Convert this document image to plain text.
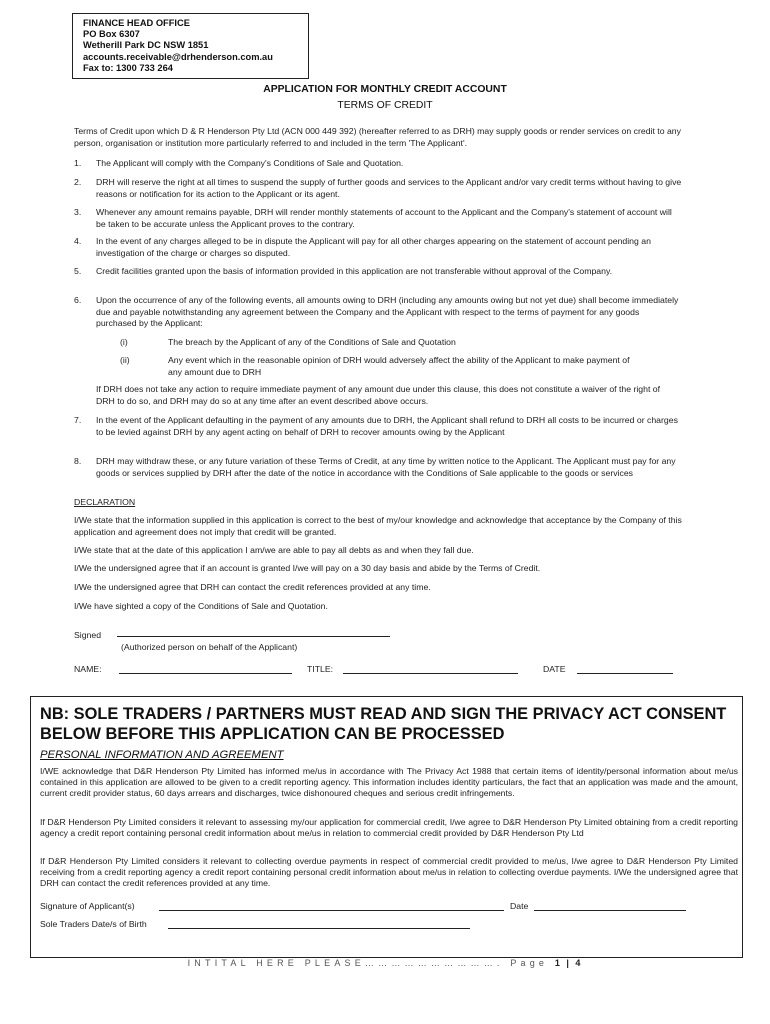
FINANCE HEAD OFFICE
PO Box 6307
Wetherill Park DC NSW 1851
accounts.receivable@drhenderson.com.au
Fax to: 1300 733 264
APPLICATION FOR MONTHLY CREDIT ACCOUNT
TERMS OF CREDIT
Terms of Credit upon which D & R Henderson Pty Ltd (ACN 000 449 392) (hereafter referred to as DRH) may supply goods or render services on credit to any person, organisation or institution more particularly referred to and included in the term 'The Applicant'.
1.	The Applicant will comply with the Company's Conditions of Sale and Quotation.
2.	DRH will reserve the right at all times to suspend the supply of further goods and services to the Applicant and/or vary credit terms without having to give reasons or notification for its action to the Applicant or its agent.
3.	Whenever any amount remains payable, DRH will render monthly statements of account to the Applicant and the Company's statement of account will be taken to be accurate unless the Applicant proves to the contrary.
4.	In the event of any charges alleged to be in dispute the Applicant will pay for all other charges appearing on the statement of account pending an investigation of the charge or charges so disputed.
5.	Credit facilities granted upon the basis of information provided in this application are not transferable without approval of the Company.
6.	Upon the occurrence of any of the following events, all amounts owing to DRH (including any amounts owing but not yet due) shall become immediately due and payable notwithstanding any agreement between the Company and the Applicant with respect to the terms of payment for any goods purchased by the Applicant:
(i)	The breach by the Applicant of any of the Conditions of Sale and Quotation
(ii)	Any event which in the reasonable opinion of DRH would adversely affect the ability of the Applicant to make payment of any amount due to DRH
If DRH does not take any action to require immediate payment of any amount due under this clause, this does not constitute a waiver of the right of DRH to do so, and DRH may do so at any time after an event described above occurs.
7.	In the event of the Applicant defaulting in the payment of any amounts due to DRH, the Applicant shall refund to DRH all costs to be incurred or charges to be levied against DRH by any agent acting on behalf of DRH to recover amounts owing by the Applicant
8.	DRH may withdraw these, or any future variation of these Terms of Credit, at any time by written notice to the Applicant. The Applicant must pay for any goods or services supplied by DRH after the date of the notice in accordance with the Conditions of Sale applicable to the goods or services
DECLARATION
I/We state that the information supplied in this application is correct to the best of my/our knowledge and acknowledge that acceptance by the Company of this application and agreement does not imply that credit will be granted.
I/We state that at the date of this application I am/we are able to pay all debts as and when they fall due.
I/We the undersigned agree that if an account is granted I/we will pay on a 30 day basis and abide by the Terms of Credit.
I/We the undersigned agree that DRH can contact the credit references provided at any time.
I/We have sighted a copy of the Conditions of Sale and Quotation.
Signed
(Authorized person on behalf of the Applicant)
NAME:	TITLE:	DATE
NB: SOLE TRADERS / PARTNERS MUST READ AND SIGN THE PRIVACY ACT CONSENT BELOW BEFORE THIS APPLICATION CAN BE PROCESSED
PERSONAL INFORMATION AND AGREEMENT
I/WE acknowledge that D&R Henderson Pty Limited has informed me/us in accordance with The Privacy Act 1988 that certain items of identity/personal information about me/us contained in this application are allowed to be given to a credit reporting agency. This information includes identity particulars, the fact that an application was made and the amount, current credit provider status, 60 days arrears and discharges, twice dishonoured cheques and serious credit infringements.
If D&R Henderson Pty Limited considers it relevant to assessing my/our application for commercial credit, I/we agree to D&R Henderson Pty Limited obtaining from a credit reporting agency a credit report containing personal credit information about me/us in relation to commercial credit provided by D&R Henderson Pty Ltd
If D&R Henderson Pty Limited considers it relevant to collecting overdue payments in respect of commercial credit provided to me/us, I/we agree to D&R Henderson Pty Limited receiving from a credit reporting agency a credit report containing personal credit information about me/us in relation to collecting overdue payments. I/We the undersigned agree that DRH can contact the credit references provided at any time.
Signature of Applicant(s)	Date
Sole Traders Date/s of Birth
INTITAL HERE PLEASE…………………………. Page 1 | 4
